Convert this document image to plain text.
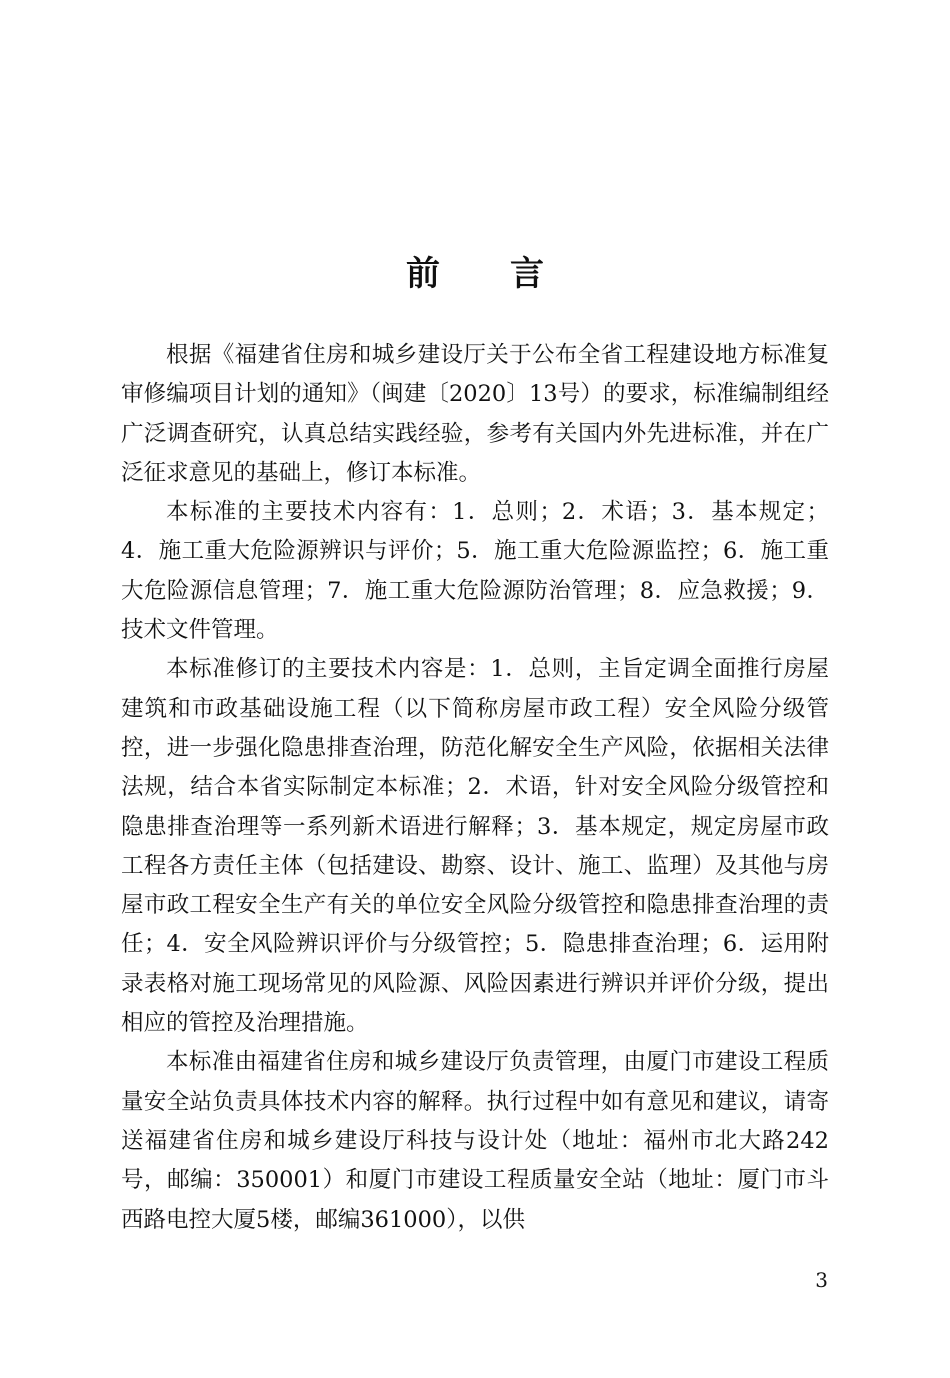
前言

根据《福建省住房和城乡建设厅关于公布全省工程建设地方标准复审修编项目计划的通知》（闽建〔2020〕13号）的要求，标准编制组经广泛调查研究，认真总结实践经验，参考有关国内外先进标准，并在广泛征求意见的基础上，修订本标准。

本标准的主要技术内容有：1．总则；2．术语；3．基本规定；4．施工重大危险源辨识与评价；5．施工重大危险源监控；6．施工重大危险源信息管理；7．施工重大危险源防治管理；8．应急救援；9．技术文件管理。

本标准修订的主要技术内容是：1．总则，主旨定调全面推行房屋建筑和市政基础设施工程（以下简称房屋市政工程）安全风险分级管控，进一步强化隐患排查治理，防范化解安全生产风险，依据相关法律法规，结合本省实际制定本标准；2．术语，针对安全风险分级管控和隐患排查治理等一系列新术语进行解释；3．基本规定，规定房屋市政工程各方责任主体（包括建设、勘察、设计、施工、监理）及其他与房屋市政工程安全生产有关的单位安全风险分级管控和隐患排查治理的责任；4．安全风险辨识评价与分级管控；5．隐患排查治理；6．运用附录表格对施工现场常见的风险源、风险因素进行辨识并评价分级，提出相应的管控及治理措施。

本标准由福建省住房和城乡建设厅负责管理，由厦门市建设工程质量安全站负责具体技术内容的解释。执行过程中如有意见和建议，请寄送福建省住房和城乡建设厅科技与设计处（地址：福州市北大路242号，邮编：350001）和厦门市建设工程质量安全站（地址：厦门市斗西路电控大厦5楼，邮编361000），以供

3
